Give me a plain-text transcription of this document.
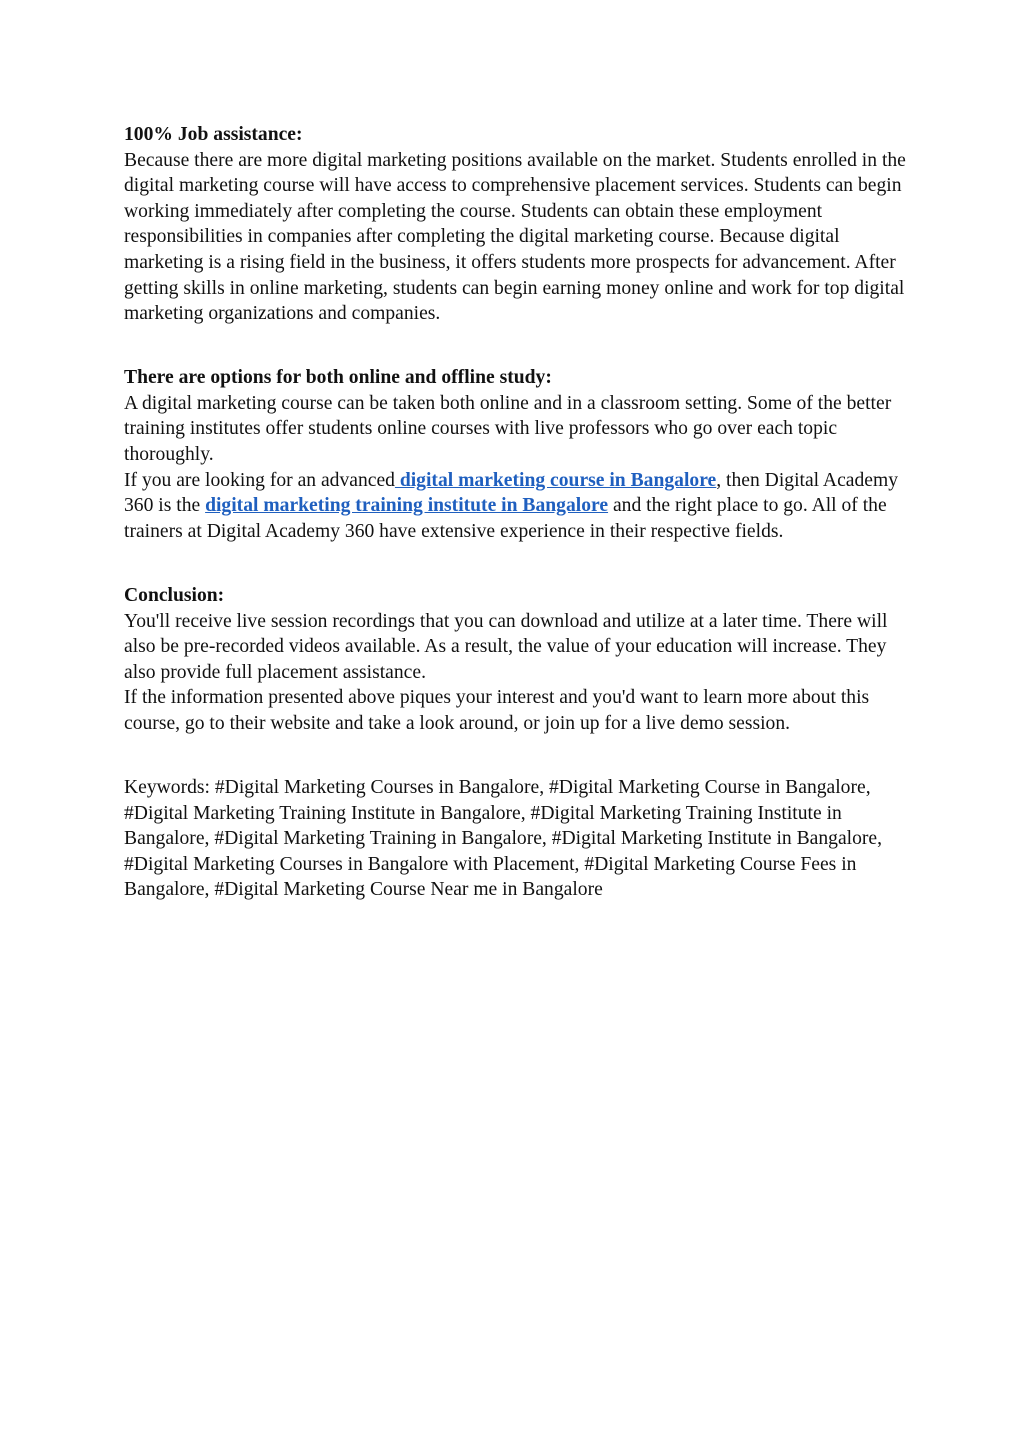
100% Job assistance:
Because there are more digital marketing positions available on the market. Students enrolled in the digital marketing course will have access to comprehensive placement services. Students can begin working immediately after completing the course. Students can obtain these employment responsibilities in companies after completing the digital marketing course. Because digital marketing is a rising field in the business, it offers students more prospects for advancement. After getting skills in online marketing, students can begin earning money online and work for top digital marketing organizations and companies.
There are options for both online and offline study:
A digital marketing course can be taken both online and in a classroom setting. Some of the better training institutes offer students online courses with live professors who go over each topic thoroughly.
If you are looking for an advanced digital marketing course in Bangalore, then Digital Academy 360 is the digital marketing training institute in Bangalore and the right place to go. All of the trainers at Digital Academy 360 have extensive experience in their respective fields.
Conclusion:
You'll receive live session recordings that you can download and utilize at a later time. There will also be pre-recorded videos available. As a result, the value of your education will increase. They also provide full placement assistance.
If the information presented above piques your interest and you'd want to learn more about this course, go to their website and take a look around, or join up for a live demo session.
Keywords: #Digital Marketing Courses in Bangalore, #Digital Marketing Course in Bangalore, #Digital Marketing Training Institute in Bangalore, #Digital Marketing Training Institute in Bangalore, #Digital Marketing Training in Bangalore, #Digital Marketing Institute in Bangalore, #Digital Marketing Courses in Bangalore with Placement, #Digital Marketing Course Fees in Bangalore, #Digital Marketing Course Near me in Bangalore
